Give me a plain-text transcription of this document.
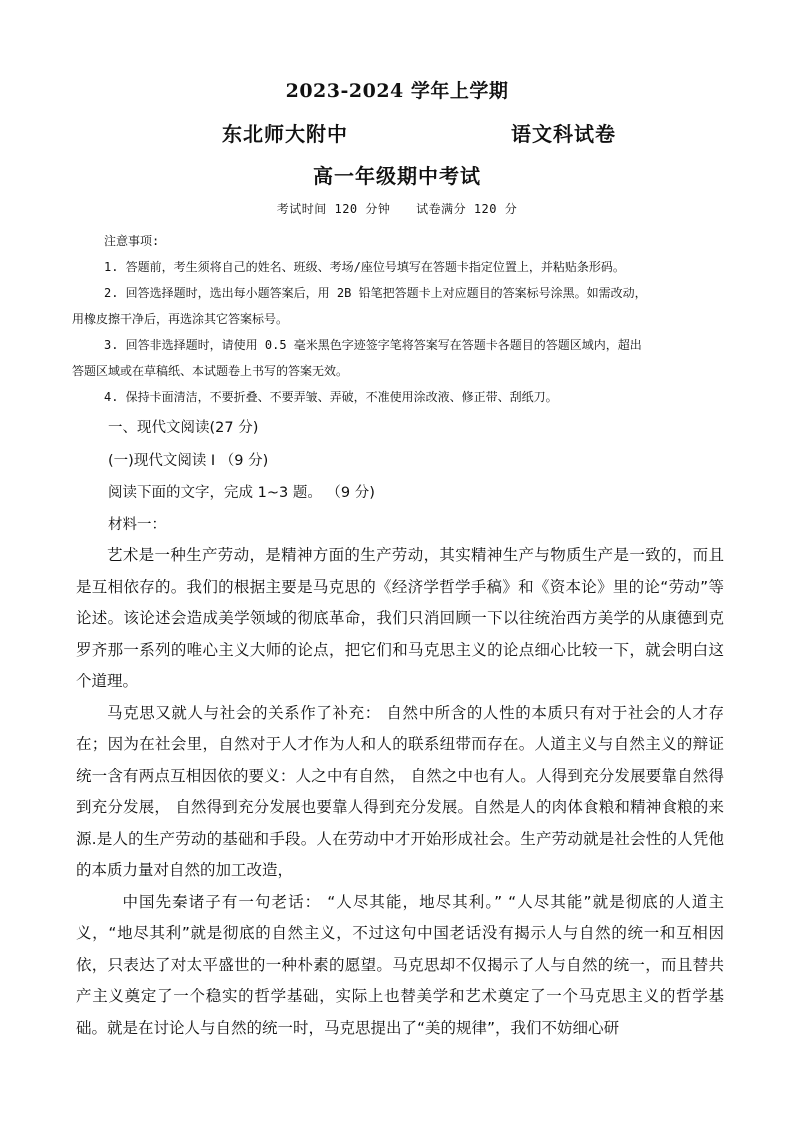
2023-2024 学年上学期
东北师大附中	语文科试卷
高一年级期中考试
考试时间 120 分钟 试卷满分 120 分

注意事项:

1. 答题前，考生须将自己的姓名、班级、考场/座位号填写在答题卡指定位置上，并粘贴条形码。

2. 回答选择题时，选出每小题答案后，用 2B 铅笔把答题卡上对应题目的答案标号涂黑。如需改动，

用橡皮擦干净后，再选涂其它答案标号。

3. 回答非选择题时，请使用 0.5 毫米黑色字迹签字笔将答案写在答题卡各题目的答题区域内，超出

答题区域或在草稿纸、本试题卷上书写的答案无效。

4. 保持卡面清洁，不要折叠、不要弄皱、弄破，不准使用涂改液、修正带、刮纸刀。

一、现代文阅读(27 分)
(一)现代文阅读 I （9 分)
阅读下面的文字，完成 1~3 题。 （9 分)
材料一：

艺术是一种生产劳动，是精神方面的生产劳动，其实精神生产与物质生产是一致的，而且是互相依存的。我们的根据主要是马克思的《经济学哲学手稿》和《资本论》里的论“劳动”等论述。该论述会造成美学领域的彻底革命，我们只消回顾一下以往统治西方美学的从康德到克罗齐那一系列的唯心主义大师的论点，把它们和马克思主义的论点细心比较一下，就会明白这个道理。

马克思又就人与社会的关系作了补充： 自然中所含的人性的本质只有对于社会的人才存在；因为在社会里，自然对于人才作为人和人的联系纽带而存在。人道主义与自然主义的辩证统一含有两点互相因依的要义：人之中有自然， 自然之中也有人。人得到充分发展要靠自然得到充分发展， 自然得到充分发展也要靠人得到充分发展。自然是人的肉体食粮和精神食粮的来源.是人的生产劳动的基础和手段。人在劳动中才开始形成社会。生产劳动就是社会性的人凭他的本质力量对自然的加工改造，

中国先秦诸子有一句老话： “人尽其能，地尽其利。” “人尽其能”就是彻底的人道主义，“地尽其利”就是彻底的自然主义，不过这句中国老话没有揭示人与自然的统一和互相因依，只表达了对太平盛世的一种朴素的愿望。马克思却不仅揭示了人与自然的统一，而且替共产主义奠定了一个稳实的哲学基础，实际上也替美学和艺术奠定了一个马克思主义的哲学基础。就是在讨论人与自然的统一时，马克思提出了“美的规律”，我们不妨细心研
